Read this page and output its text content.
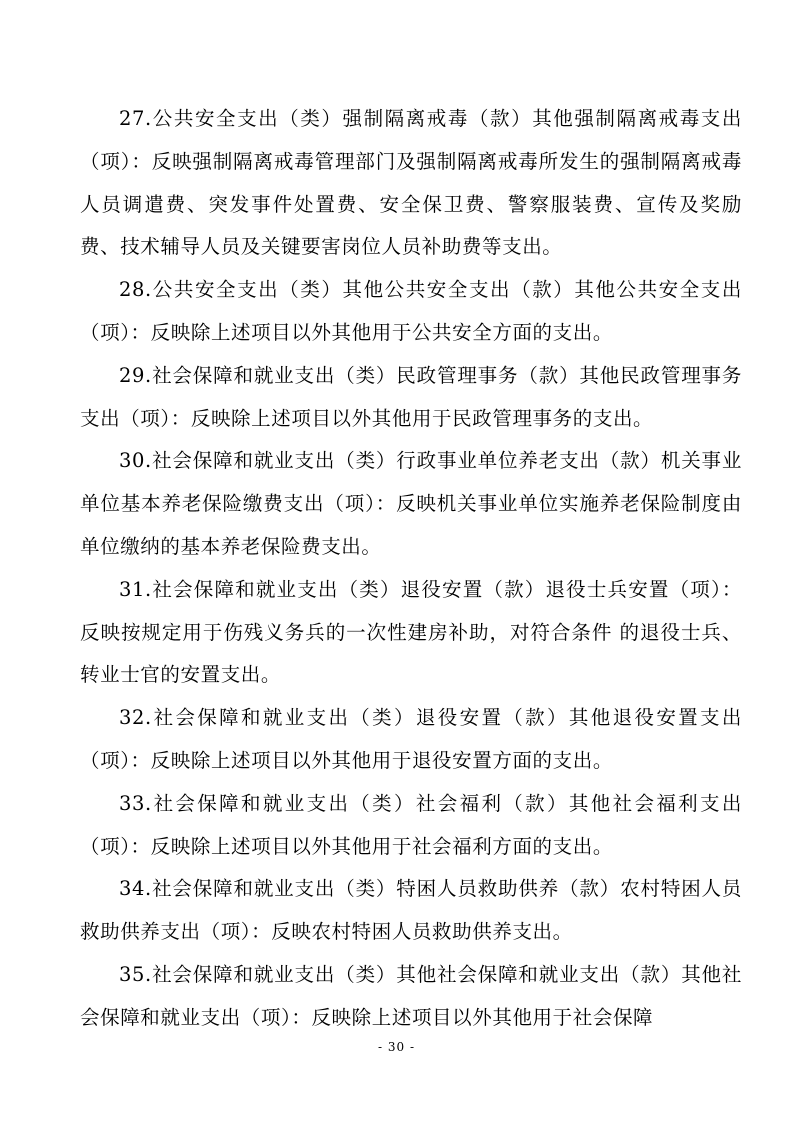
27.公共安全支出（类）强制隔离戒毒（款）其他强制隔离戒毒支出（项）：反映强制隔离戒毒管理部门及强制隔离戒毒所发生的强制隔离戒毒人员调遣费、突发事件处置费、安全保卫费、警察服装费、宣传及奖励费、技术辅导人员及关键要害岗位人员补助费等支出。

28.公共安全支出（类）其他公共安全支出（款）其他公共安全支出（项）：反映除上述项目以外其他用于公共安全方面的支出。

29.社会保障和就业支出（类）民政管理事务（款）其他民政管理事务支出（项）：反映除上述项目以外其他用于民政管理事务的支出。

30.社会保障和就业支出（类）行政事业单位养老支出（款）机关事业单位基本养老保险缴费支出（项）：反映机关事业单位实施养老保险制度由单位缴纳的基本养老保险费支出。

31.社会保障和就业支出（类）退役安置（款）退役士兵安置（项）：反映按规定用于伤残义务兵的一次性建房补助，对符合条件 的退役士兵、转业士官的安置支出。

32.社会保障和就业支出（类）退役安置（款）其他退役安置支出（项）：反映除上述项目以外其他用于退役安置方面的支出。

33.社会保障和就业支出（类）社会福利（款）其他社会福利支出（项）：反映除上述项目以外其他用于社会福利方面的支出。

34.社会保障和就业支出（类）特困人员救助供养（款）农村特困人员救助供养支出（项）：反映农村特困人员救助供养支出。

35.社会保障和就业支出（类）其他社会保障和就业支出（款）其他社会保障和就业支出（项）：反映除上述项目以外其他用于社会保障

- 30 -
